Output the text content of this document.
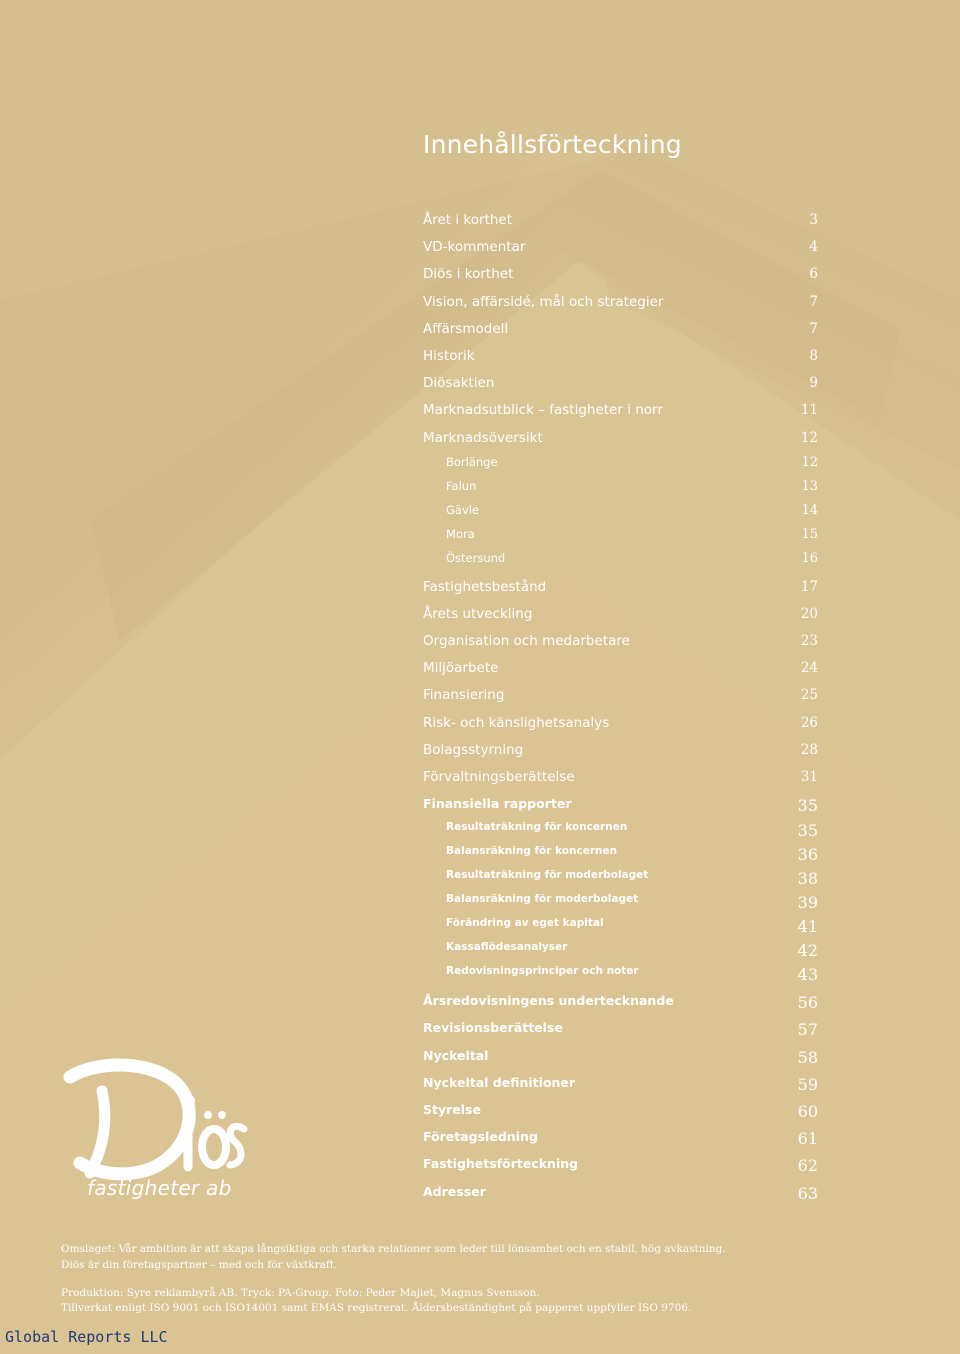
Innehållsförteckning
Året i korthet	3
VD-kommentar	4
Diös i korthet	6
Vision, affärsidé, mål och strategier	7
Affärsmodell	7
Historik	8
Diösaktien	9
Marknadsutblick – fastigheter i norr	11
Marknadsöversikt	12
Borlänge	12
Falun	13
Gävle	14
Mora	15
Östersund	16
Fastighetsbestånd	17
Årets utveckling	20
Organisation och medarbetare	23
Miljöarbete	24
Finansiering	25
Risk- och känslighetsanalys	26
Bolagsstyrning	28
Förvaltningsberättelse	31
Finansiella rapporter	35
Resultaträkning för koncernen	35
Balansräkning för koncernen	36
Resultaträkning för moderbolaget	38
Balansräkning för moderbolaget	39
Förändring av eget kapital	41
Kassaflödesanalyser	42
Redovisningsprinciper och noter	43
Årsredovisningens undertecknande	56
Revisionsberättelse	57
Nyckeltal	58
Nyckeltal definitioner	59
Styrelse	60
Företagsledning	61
Fastighetsförteckning	62
Adresser	63

fastigheter ab

Omslaget: Vår ambition är att skapa långsiktiga och starka relationer som leder till lönsamhet och en stabil, hög avkastning.

Diös är din företagspartner – med och för växtkraft.

Produktion: Syre reklambyrå AB. Tryck: PA-Group. Foto: Peder Majiet, Magnus Svensson.

Tillverkat enligt ISO 9001 och ISO14001 samt EMAS registrerat. Åldersbeständighet på papperet uppfyller ISO 9706.

Global Reports LLC
